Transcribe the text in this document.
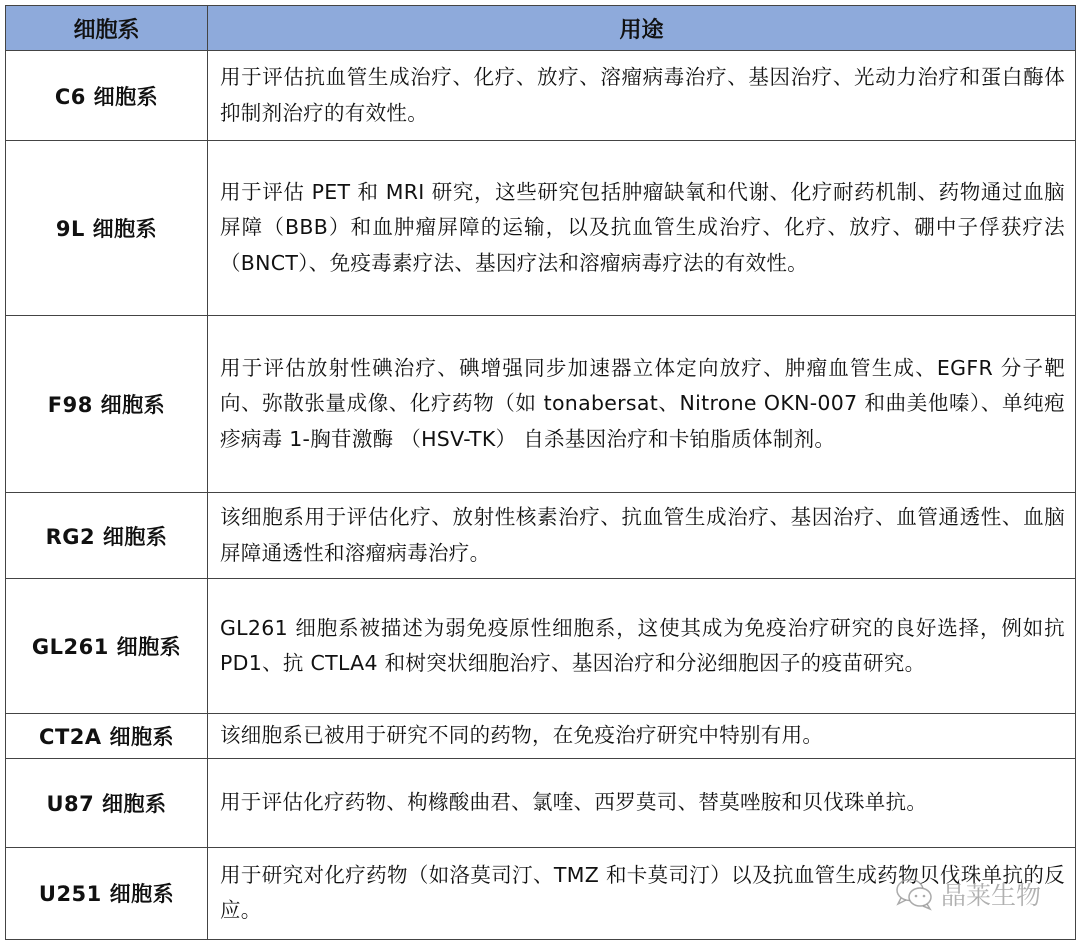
细胞系	用途
C6 细胞系	用于评估抗血管生成治疗、化疗、放疗、溶瘤病毒治疗、基因治疗、光动力治疗和蛋白酶体抑制剂治疗的有效性。
9L 细胞系	用于评估 PET 和 MRI 研究，这些研究包括肿瘤缺氧和代谢、化疗耐药机制、药物通过血脑屏障（BBB）和血肿瘤屏障的运输，以及抗血管生成治疗、化疗、放疗、硼中子俘获疗法（BNCT）、免疫毒素疗法、基因疗法和溶瘤病毒疗法的有效性。
F98 细胞系	用于评估放射性碘治疗、碘增强同步加速器立体定向放疗、肿瘤血管生成、EGFR 分子靶向、弥散张量成像、化疗药物（如 tonabersat、Nitrone OKN-007 和曲美他嗪）、单纯疱疹病毒 1-胸苷激酶 （HSV-TK） 自杀基因治疗和卡铂脂质体制剂。
RG2 细胞系	该细胞系用于评估化疗、放射性核素治疗、抗血管生成治疗、基因治疗、血管通透性、血脑屏障通透性和溶瘤病毒治疗。
GL261 细胞系	GL261 细胞系被描述为弱免疫原性细胞系，这使其成为免疫治疗研究的良好选择，例如抗 PD1、抗 CTLA4 和树突状细胞治疗、基因治疗和分泌细胞因子的疫苗研究。
CT2A 细胞系	该细胞系已被用于研究不同的药物，在免疫治疗研究中特别有用。
U87 细胞系	用于评估化疗药物、枸橼酸曲君、氯喹、西罗莫司、替莫唑胺和贝伐珠单抗。
U251 细胞系	用于研究对化疗药物（如洛莫司汀、TMZ 和卡莫司汀）以及抗血管生成药物贝伐珠单抗的反应。	晶莱生物
